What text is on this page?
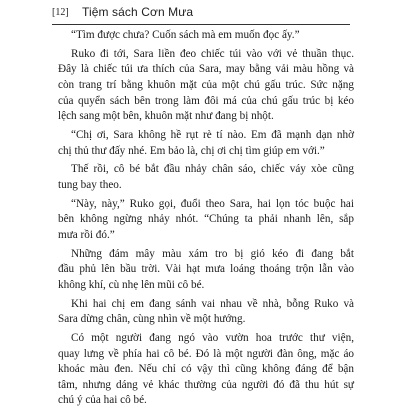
[12] Tiệm sách Cơn Mưa

“Tìm được chưa? Cuốn sách mà em muốn đọc ấy.”

Ruko đi tới, Sara liền đeo chiếc túi vào với vẻ thuần thục.
Đây là chiếc túi ưa thích của Sara, may bằng vải màu hồng và
còn trang trí bằng khuôn mặt của một chú gấu trúc. Sức nặng
của quyển sách bên trong làm đôi má của chú gấu trúc bị kéo
lệch sang một bên, khuôn mặt như đang bị nhột.

“Chị ơi, Sara không hề rụt rè tí nào. Em đã mạnh dạn nhờ
chị thủ thư đấy nhé. Em bảo là, chị ơi chị tìm giúp em với.”

Thế rồi, cô bé bắt đầu nhảy chân sáo, chiếc váy xòe cũng
tung bay theo.

“Này, này,” Ruko gọi, đuổi theo Sara, hai lọn tóc buộc hai
bên không ngừng nhảy nhót. “Chúng ta phải nhanh lên, sắp
mưa rồi đó.”

Những đám mây màu xám tro bị gió kéo đi đang bắt
đầu phủ lên bầu trời. Vài hạt mưa loáng thoáng trộn lẫn vào
không khí, cù nhẹ lên mũi cô bé.

Khi hai chị em đang sánh vai nhau về nhà, bỗng Ruko và
Sara dừng chân, cùng nhìn về một hướng.

Có một người đang ngó vào vườn hoa trước thư viện,
quay lưng về phía hai cô bé. Đó là một người đàn ông, mặc áo
khoác màu đen. Nếu chỉ có vậy thì cũng không đáng để bận
tâm, nhưng dáng vẻ khác thường của người đó đã thu hút sự
chú ý của hai cô bé.
